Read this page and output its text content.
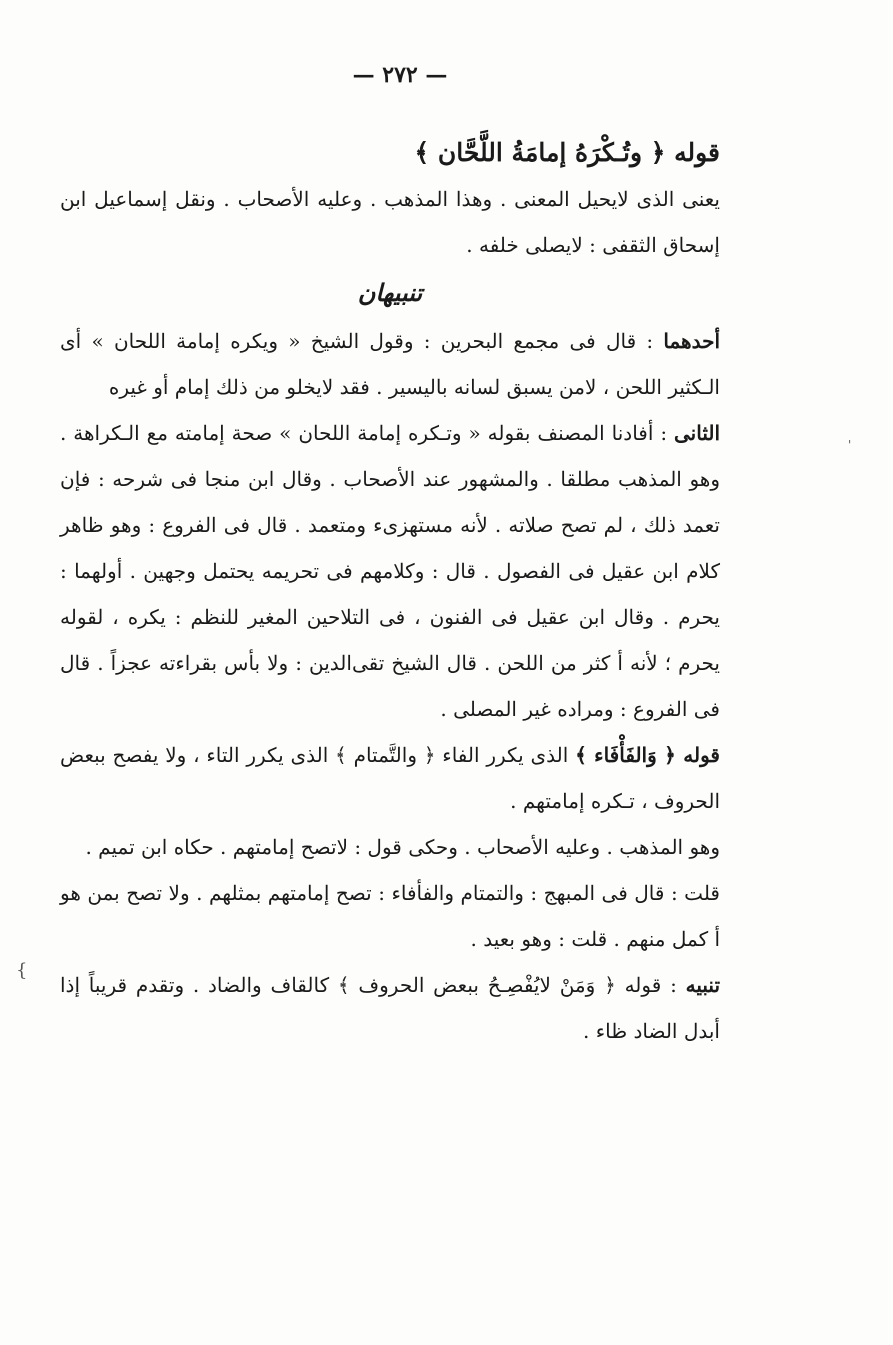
— ٢٧٢ —

قوله ﴿ وتُـكْرَهُ إمامَةُ اللَّحَّان ﴾

يعنى الذى لايحيل المعنى . وهذا المذهب . وعليه الأصحاب . ونقل إسماعيل ابن إسحاق الثقفى : لايصلى خلفه .

تنبيهان

أحدهما : قال فى مجمع البحرين : وقول الشيخ « ويكره إمامة اللحان » أى الـكثير اللحن ، لامن يسبق لسانه باليسير . فقد لايخلو من ذلك إمام أو غيره

الثانى : أفادنا المصنف بقوله « وتـكره إمامة اللحان » صحة إمامته مع الـكراهة . وهو المذهب مطلقا . والمشهور عند الأصحاب . وقال ابن منجا فى شرحه : فإن تعمد ذلك ، لم تصح صلاته . لأنه مستهزىء ومتعمد . قال فى الفروع : وهو ظاهر كلام ابن عقيل فى الفصول . قال : وكلامهم فى تحريمه يحتمل وجهين . أولهما : يحرم . وقال ابن عقيل فى الفنون ، فى التلاحين المغير للنظم : يكره ، لقوله يحرم ؛ لأنه أ كثر من اللحن . قال الشيخ تقى‌الدين : ولا بأس بقراءته عجزاً . قال فى الفروع : ومراده غير المصلى .

قوله ﴿ وَالفَأْفَاء ﴾ الذى يكرر الفاء ﴿ والتَّمتام ﴾ الذى يكرر التاء ، ولا يفصح ببعض الحروف ، تـكره إمامتهم .

وهو المذهب . وعليه الأصحاب . وحكى قول : لاتصح إمامتهم . حكاه ابن تميم .

قلت : قال فى المبهج : والتمتام والفأفاء : تصح إمامتهم بمثلهم . ولا تصح بمن هو أ كمل منهم . قلت : وهو بعيد .

تنبيه : قوله ﴿ وَمَنْ لايُفْصِـحُ ببعض الحروف ﴾ كالقاف والضاد . وتقدم قريباً إذا أبدل الضاد ظاء .

{
'
